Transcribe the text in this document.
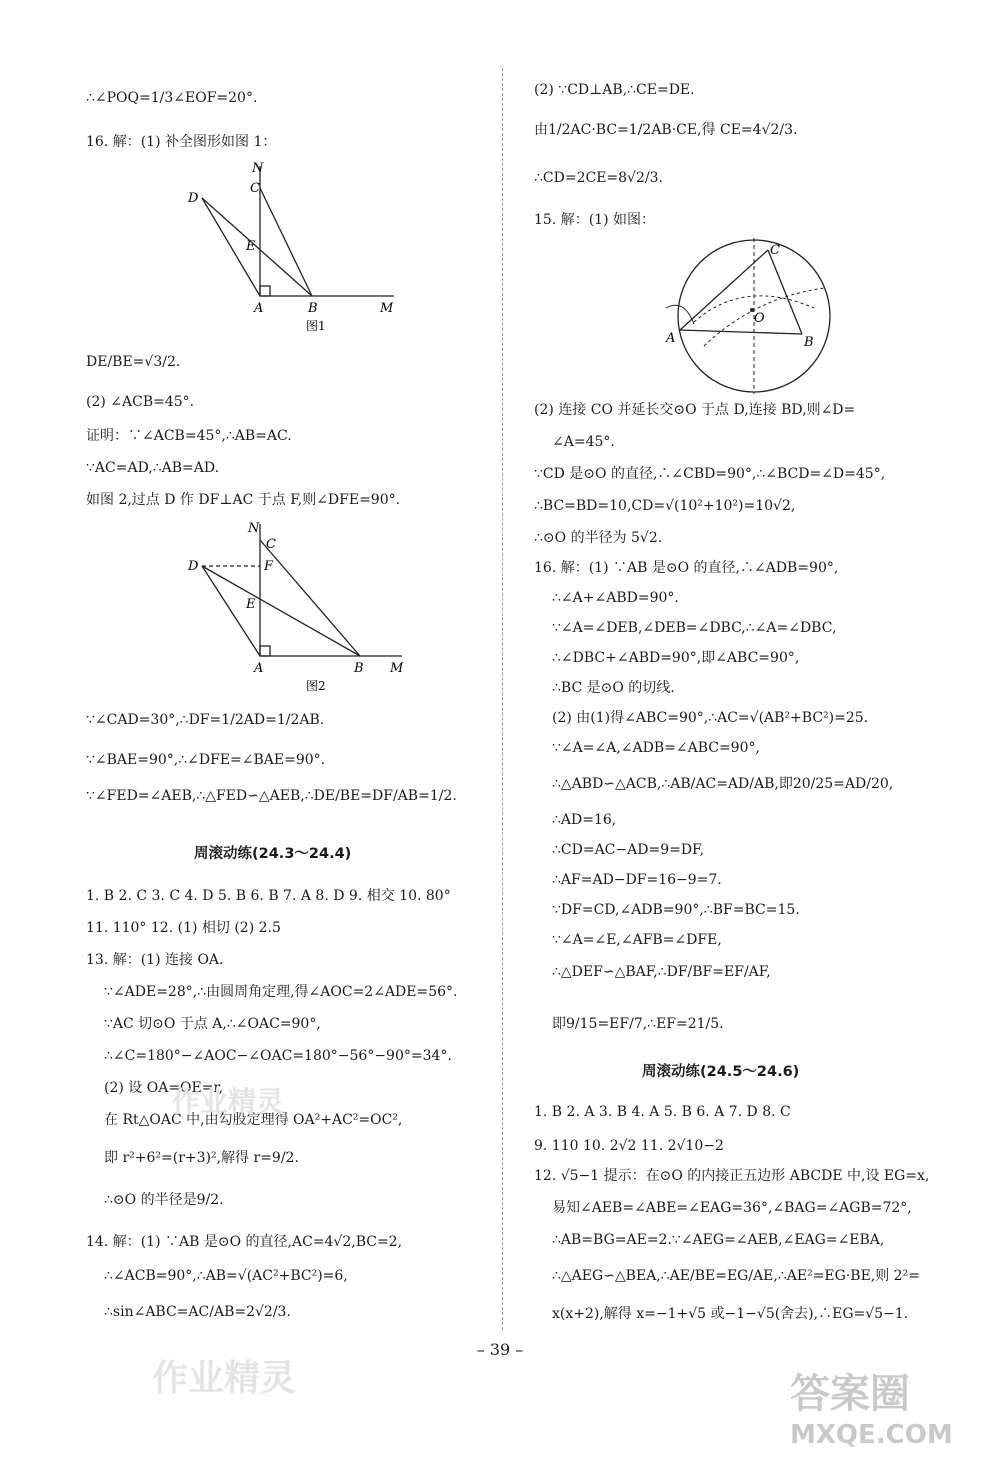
∴∠POQ=1/3∠EOF=20°.
16. 解：(1) 补全图形如图 1：
N
C
D
E
A	B	M
图1
DE/BE=√3/2.
(2) ∠ACB=45°.
证明：∵∠ACB=45°,∴AB=AC.
∵AC=AD,∴AB=AD.
如图 2,过点 D 作 DF⊥AC 于点 F,则∠DFE=90°.
N
C
D	F
E
A	B M
图2
∵∠CAD=30°,∴DF=1/2AD=1/2AB.
∵∠BAE=90°,∴∠DFE=∠BAE=90°.
∵∠FED=∠AEB,∴△FED∽△AEB,∴DE/BE=DF/AB=1/2.
周滚动练(24.3～24.4)
1. B 2. C 3. C 4. D 5. B 6. B 7. A 8. D 9. 相交 10. 80°
11. 110° 12. (1) 相切 (2) 2.5
13. 解：(1) 连接 OA.
∵∠ADE=28°,∴由圆周角定理,得∠AOC=2∠ADE=56°.
∵AC 切⊙O 于点 A,∴∠OAC=90°,
∴∠C=180°−∠AOC−∠OAC=180°−56°−90°=34°.
(2) 设 OA=OE=r,
在 Rt△OAC 中,由勾股定理得 OA²+AC²=OC²,
即 r²+6²=(r+3)²,解得 r=9/2.
∴⊙O 的半径是9/2.
14. 解：(1) ∵AB 是⊙O 的直径,AC=4√2,BC=2,
∴∠ACB=90°,∴AB=√(AC²+BC²)=6,
∴sin∠ABC=AC/AB=2√2/3.
(2) ∵CD⊥AB,∴CE=DE.
由1/2AC·BC=1/2AB·CE,得 CE=4√2/3.
∴CD=2CE=8√2/3.
15. 解：(1) 如图：
C
O
A	B
(2) 连接 CO 并延长交⊙O 于点 D,连接 BD,则∠D=
∠A=45°.
∵CD 是⊙O 的直径,∴∠CBD=90°,∴∠BCD=∠D=45°,
∴BC=BD=10,CD=√(10²+10²)=10√2,
∴⊙O 的半径为 5√2.
16. 解：(1) ∵AB 是⊙O 的直径,∴∠ADB=90°,
∴∠A+∠ABD=90°.
∵∠A=∠DEB,∠DEB=∠DBC,∴∠A=∠DBC,
∴∠DBC+∠ABD=90°,即∠ABC=90°,
∴BC 是⊙O 的切线.
(2) 由(1)得∠ABC=90°,∴AC=√(AB²+BC²)=25.
∵∠A=∠A,∠ADB=∠ABC=90°,
∴△ABD∽△ACB,∴AB/AC=AD/AB,即20/25=AD/20,
∴AD=16,
∴CD=AC−AD=9=DF,
∴AF=AD−DF=16−9=7.
∵DF=CD,∠ADB=90°,∴BF=BC=15.
∵∠A=∠E,∠AFB=∠DFE,
∴△DEF∽△BAF,∴DF/BF=EF/AF,
即9/15=EF/7,∴EF=21/5.
周滚动练(24.5～24.6)
1. B 2. A 3. B 4. A 5. B 6. A 7. D 8. C
9. 110 10. 2√2 11. 2√10−2
12. √5−1 提示：在⊙O 的内接正五边形 ABCDE 中,设 EG=x,
易知∠AEB=∠ABE=∠EAG=36°,∠BAG=∠AGB=72°,
∴AB=BG=AE=2.∵∠AEG=∠AEB,∠EAG=∠EBA,
∴△AEG∽△BEA,∴AE/BE=EG/AE,∴AE²=EG·BE,则 2²=
x(x+2),解得 x=−1+√5 或−1−√5(舍去),∴EG=√5−1.
– 39 –
作业精灵
作业精灵	答案圈
MXQE.COM
